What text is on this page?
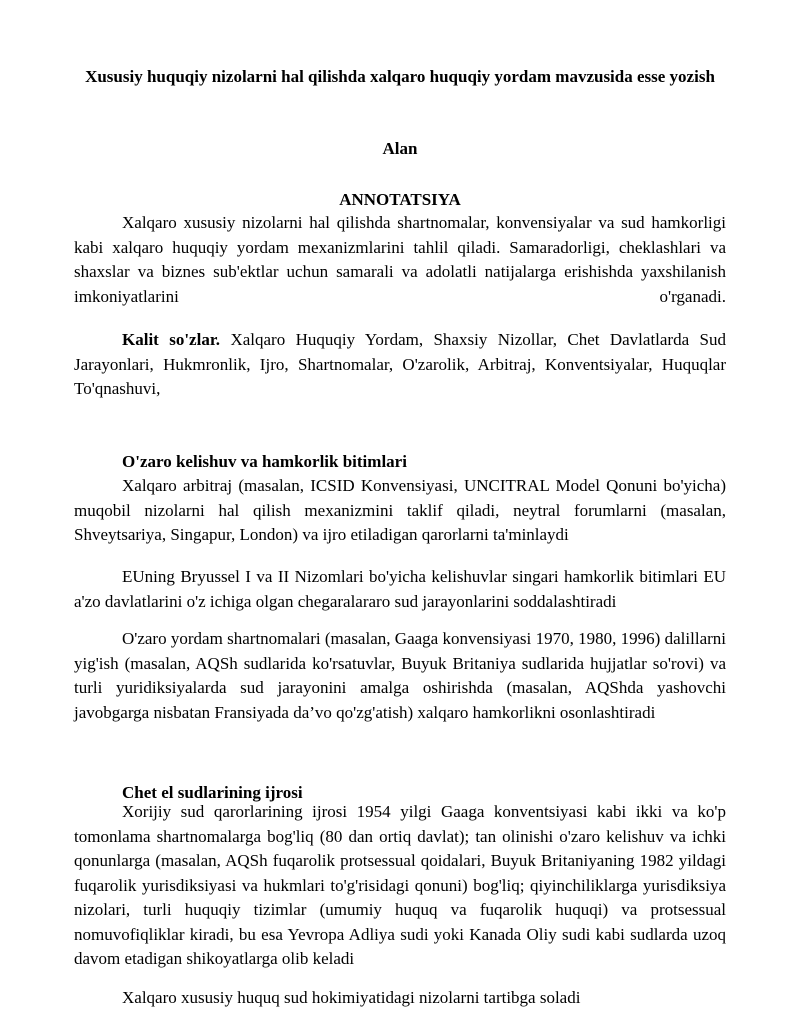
Xususiy huquqiy nizolarni hal qilishda xalqaro huquqiy yordam mavzusida esse yozish
Alan
ANNOTATSIYA

Xalqaro xususiy nizolarni hal qilishda shartnomalar, konvensiyalar va sud hamkorligi kabi xalqaro huquqiy yordam mexanizmlarini tahlil qiladi. Samaradorligi, cheklashlari va shaxslar va biznes sub'ektlar uchun samarali va adolatli natijalarga erishishda yaxshilanish imkoniyatlarini o'rganadi.

Kalit so'zlar. Xalqaro Huquqiy Yordam, Shaxsiy Nizollar, Chet Davlatlarda Sud Jarayonlari, Hukmronlik, Ijro, Shartnomalar, O'zarolik, Arbitraj, Konventsiyalar, Huquqlar To'qnashuvi,

O'zaro kelishuv va hamkorlik bitimlari

Xalqaro arbitraj (masalan, ICSID Konvensiyasi, UNCITRAL Model Qonuni bo'yicha) muqobil nizolarni hal qilish mexanizmini taklif qiladi, neytral forumlarni (masalan, Shveytsariya, Singapur, London) va ijro etiladigan qarorlarni ta'minlaydi

EUning Bryussel I va II Nizomlari bo'yicha kelishuvlar singari hamkorlik bitimlari EU a'zo davlatlarini o'z ichiga olgan chegaralararo sud jarayonlarini soddalashtiradi

O'zaro yordam shartnomalari (masalan, Gaaga konvensiyasi 1970, 1980, 1996) dalillarni yig'ish (masalan, AQSh sudlarida ko'rsatuvlar, Buyuk Britaniya sudlarida hujjatlar so'rovi) va turli yuridiksiyalarda sud jarayonini amalga oshirishda (masalan, AQShda yashovchi javobgarga nisbatan Fransiyada da’vo qo'zg'atish) xalqaro hamkorlikni osonlashtiradi

Chet el sudlarining ijrosi

Xorijiy sud qarorlarining ijrosi 1954 yilgi Gaaga konventsiyasi kabi ikki va ko'p tomonlama shartnomalarga bog'liq (80 dan ortiq davlat); tan olinishi o'zaro kelishuv va ichki qonunlarga (masalan, AQSh fuqarolik protsessual qoidalari, Buyuk Britaniyaning 1982 yildagi fuqarolik yurisdiksiyasi va hukmlari to'g'risidagi qonuni) bog'liq; qiyinchiliklarga yurisdiksiya nizolari, turli huquqiy tizimlar (umumiy huquq va fuqarolik huquqi) va protsessual nomuvofiqliklar kiradi, bu esa Yevropa Adliya sudi yoki Kanada Oliy sudi kabi sudlarda uzoq davom etadigan shikoyatlarga olib keladi

Xalqaro xususiy huquq sud hokimiyatidagi nizolarni tartibga soladi
